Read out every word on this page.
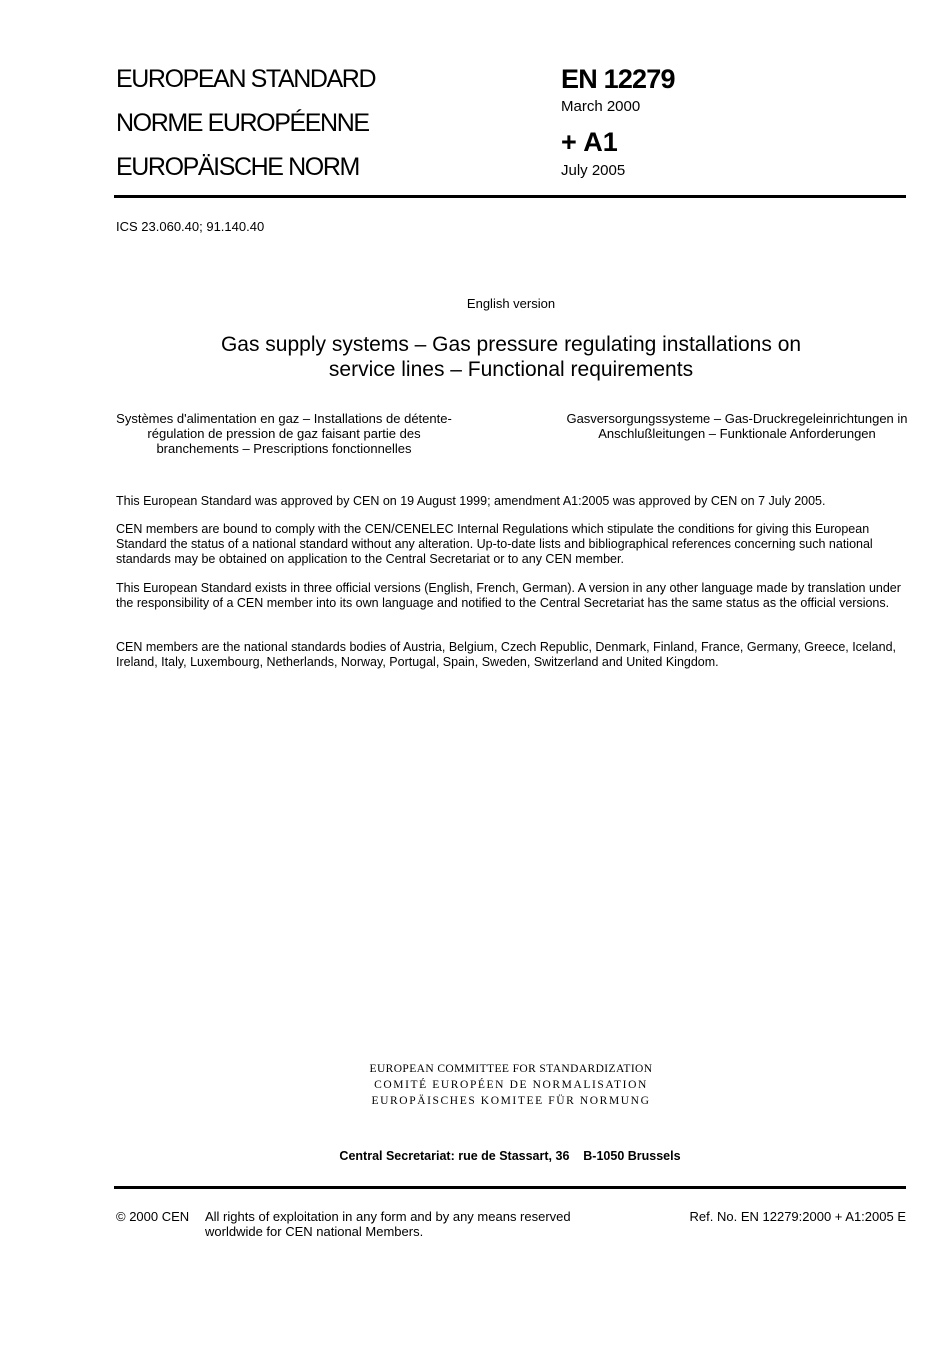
EUROPEAN STANDARD
NORME EUROPÉENNE
EUROPÄISCHE NORM
EN 12279
March 2000
+ A1
July 2005
ICS 23.060.40; 91.140.40
English version
Gas supply systems – Gas pressure regulating installations on
service lines – Functional requirements
Systèmes d'alimentation en gaz – Installations de détente-
régulation de pression de gaz faisant partie des
branchements – Prescriptions fonctionnelles
Gasversorgungssysteme – Gas-Druckregeleinrichtungen in
Anschlußleitungen – Funktionale Anforderungen
This European Standard was approved by CEN on 19 August 1999; amendment A1:2005 was approved by CEN on 7 July 2005.
CEN members are bound to comply with the CEN/CENELEC Internal Regulations which stipulate the conditions for giving this European Standard the status of a national standard without any alteration. Up-to-date lists and bibliographical references concerning such national standards may be obtained on application to the Central Secretariat or to any CEN member.
This European Standard exists in three official versions (English, French, German). A version in any other language made by translation under the responsibility of a CEN member into its own language and notified to the Central Secretariat has the same status as the official versions.
CEN members are the national standards bodies of Austria, Belgium, Czech Republic, Denmark, Finland, France, Germany, Greece, Iceland, Ireland, Italy, Luxembourg, Netherlands, Norway, Portugal, Spain, Sweden, Switzerland and United Kingdom.
EUROPEAN COMMITTEE FOR STANDARDIZATION
COMITÉ EUROPÉEN DE NORMALISATION
EUROPÄISCHES KOMITEE FÜR NORMUNG
Central Secretariat: rue de Stassart, 36    B-1050 Brussels
© 2000 CEN All rights of exploitation in any form and by any means reserved
worldwide for CEN national Members.
Ref. No. EN 12279:2000 + A1:2005 E
